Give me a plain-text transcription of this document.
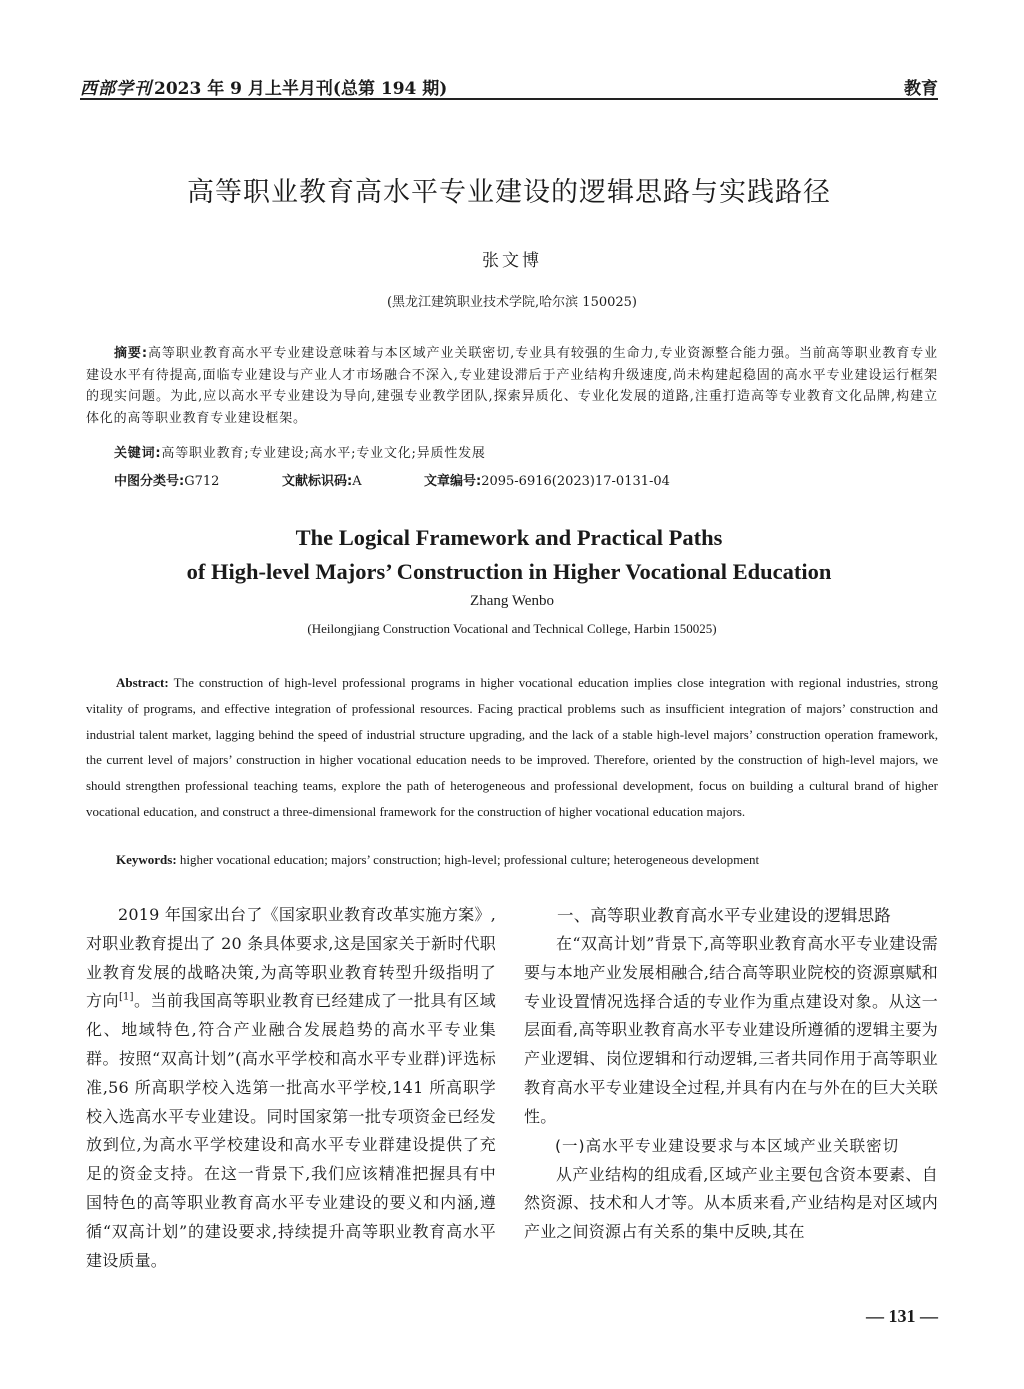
西部学刊 2023 年 9 月上半月刊(总第 194 期)	教育
高等职业教育高水平专业建设的逻辑思路与实践路径
张文博
(黑龙江建筑职业技术学院,哈尔滨 150025)
摘要:高等职业教育高水平专业建设意味着与本区域产业关联密切,专业具有较强的生命力,专业资源整合能力强。当前高等职业教育专业建设水平有待提高,面临专业建设与产业人才市场融合不深入,专业建设滞后于产业结构升级速度,尚未构建起稳固的高水平专业建设运行框架的现实问题。为此,应以高水平专业建设为导向,建强专业教学团队,探索异质化、专业化发展的道路,注重打造高等专业教育文化品牌,构建立体化的高等职业教育专业建设框架。
关键词:高等职业教育;专业建设;高水平;专业文化;异质性发展
中图分类号:G712	文献标识码:A	文章编号:2095-6916(2023)17-0131-04
The Logical Framework and Practical Paths
of High-level Majors’ Construction in Higher Vocational Education
Zhang Wenbo
(Heilongjiang Construction Vocational and Technical College, Harbin 150025)
Abstract: The construction of high-level professional programs in higher vocational education implies close integration with regional industries, strong vitality of programs, and effective integration of professional resources. Facing practical problems such as insufficient integration of majors’ construction and industrial talent market, lagging behind the speed of industrial structure upgrading, and the lack of a stable high-level majors’ construction operation framework, the current level of majors’ construction in higher vocational education needs to be improved. Therefore, oriented by the construction of high-level majors, we should strengthen professional teaching teams, explore the path of heterogeneous and professional development, focus on building a cultural brand of higher vocational education, and construct a three-dimensional framework for the construction of higher vocational education majors.
Keywords: higher vocational education; majors’ construction; high-level; professional culture; heterogeneous development

2019 年国家出台了《国家职业教育改革实施方案》,对职业教育提出了 20 条具体要求,这是国家关于新时代职业教育发展的战略决策,为高等职业教育转型升级指明了方向[1]。当前我国高等职业教育已经建成了一批具有区域化、地域特色,符合产业融合发展趋势的高水平专业集群。按照“双高计划”(高水平学校和高水平专业群)评选标准,56 所高职学校入选第一批高水平学校,141 所高职学校入选高水平专业建设。同时国家第一批专项资金已经发放到位,为高水平学校建设和高水平专业群建设提供了充足的资金支持。在这一背景下,我们应该精准把握具有中国特色的高等职业教育高水平专业建设的要义和内涵,遵循“双高计划”的建设要求,持续提升高等职业教育高水平建设质量。

一、高等职业教育高水平专业建设的逻辑思路

在“双高计划”背景下,高等职业教育高水平专业建设需要与本地产业发展相融合,结合高等职业院校的资源禀赋和专业设置情况选择合适的专业作为重点建设对象。从这一层面看,高等职业教育高水平专业建设所遵循的逻辑主要为产业逻辑、岗位逻辑和行动逻辑,三者共同作用于高等职业教育高水平专业建设全过程,并具有内在与外在的巨大关联性。

(一)高水平专业建设要求与本区域产业关联密切

从产业结构的组成看,区域产业主要包含资本要素、自然资源、技术和人才等。从本质来看,产业结构是对区域内产业之间资源占有关系的集中反映,其在

— 131 —
